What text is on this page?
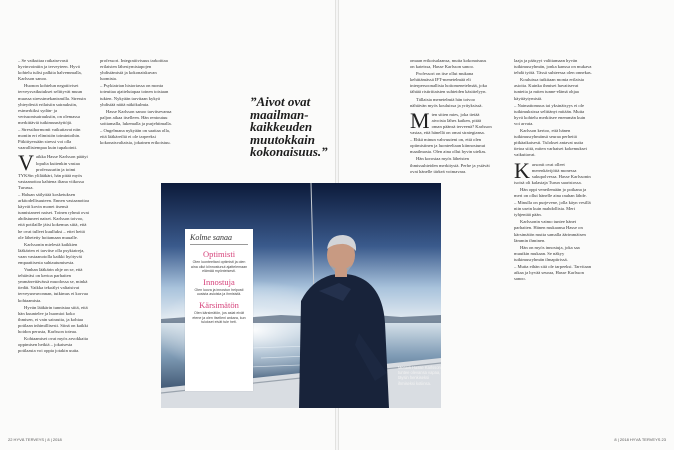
– Se vaikuttaa ratkaisevasti hyvinvointiin ja terveyteen. Hyvä kohtelu tulisi palkita halvemmalla, Karlsson sanoo.

Huonon kohtelun negatiiviset terveysvaikutukset selittyvät muun muassa stressimekanismilla. Stressin yhteydestä erilaisiin sairauksiin, esimerkiksi sydän- ja verisuonisairauksiin, on olemassa merkittäviä tutkimusnäyttöjä.

– Stressihormonit vaikuttavat niin moniin eri elimistön toimintoihin. Pitkittyessään stressi voi olla vaarallistempaa kuin tupakointi.

Vaikka Hasse Karlsson päätyi lopulta kuitenkin vastaa professuuriin ja toimi TYKSin ylilääkäri, hän pitää myös vastaanottoa kahtena iltana viikossa Turussa.

– Haluan säilyttää kosketuksen arkitodellisuuteen. Ennen vastaanottoa käyvät kovin monet itsensä tunnistaneet naiset. Toinen ryhmä ovat ahdistuneet naiset. Karlsson toivoo, että potilaille jäisi kokemus siitä, että he ovat tulleet kuulluksi – ettei heitä ole lähetetty hoitamaan muualle.

Karlssonin mielestä kaikkien lääkärien ei tarvitse olla psykiatreja, vaan vastaanotolla kaikki hyötyvät empaattisesta suhtautumisesta.

Vanhan lääkärin ohje on se, että tehtäväsi on kertoa parhaiten ymmärrettävässä muodossa se, minkä tiedät. Vaikka tekoälyt valtaisivat terveysneuvonnan, tutkimus ei korvaa kohtaamista.

Hyvän lääkärin tunnistaa siitä, että hän kuuntelee ja huomioi koko ihmisen, ei vain sairautta, ja kohtaa potilaan inhimillisesti. Siinä on kaikki hoidon perusta, Karlsson toteaa.

Kohtaamiset ovat myös arvokkaita oppimisen hetkiä – jokaisesta potilaasta voi oppia jotakin uutta.

professori. Integratiivisuus tarkoittaa erilaisten lähestymistapojen yhdistämistä ja kokonaiskuvan luomista.

– Psykiatrian historiassa on monta toteuttaa ajattelutapaa toinen toistaan tukien. Nykyään tarvitaan kykyä yhdistää näitä näkökulmia.

Hasse Karlsson sanoo tarvitsevansa paljon aikaa itselleen. Hän rentoutuu soittamalla, lukemalla ja purjehtimalla.

– Ongelmana nykyään on saattaa olla, että lääkäreiltä ei ole tarpeeksi kokonaisvaltaisia, jokainen erikoistuu.

omaan erikoisalaansa, mutta kokonaisuus on kateissa, Hasse Karlsson sanoo.

Professori on itse ollut mukana kehittämässä IFT-menetelmää eli interpersoonallista hoitomenetelmää, joka tähtää ristiriitaisten suhteiden käsittelyyn.

Tällaisia menetelmiä hän toivoo nähtävän myös kouluissa ja yrityksissä.

Mten sitten mies, joka tietää aivoista lähes kaiken, pitää oman päänsä terveenä? Karlsson vastaa, että hänellä on omat strategiansa.

– Ehkä minun vahvuuteni on, että olen optimistinen ja luonteeltaan kiinnostunut maailmasta. Olen aina ollut hyvin utelias.

Hän korostaa myös läheisten ihmissuhteiden merkitystä. Perhe ja ystävät ovat hänelle tärkeä voimavara.

laaja ja pääsyyt valittamaan hyvän tutkimusryhmän, jonka kanssa on mukava tehdä työtä. Tässä suhteessa olen onnekas.

Kouluissa tutkitaan monia erilaisia asioita. Kuinka ihmiset havaitsevat tunteita ja miten tunne-elämä ohjaa käyttäytymistä.

– Naimattomuus tai yksinäisyys ei ole tutkimuksissa selittänyt mitään. Mutta hyvä kohtelu merkitsee enemmän kuin voi arvata.

Karlsson kertoo, että hänen tutkimusryhmänsä seuraa perheitä pitkäaikaisesti. Tulokset antavat uutta tietoa siitä, miten varhaiset kokemukset vaikuttavat.

Karsonit ovat olleet merenkävijöitä monessa sukupolvessa. Hasse Karlssonin isoisä oli kalastaja Turun saaristossa.

Hän oppi veneilemään jo poikana ja meri on ollut hänelle aina rauhan lähde.

– Minulla on purjevene, jolla käyn vesillä niin usein kuin mahdollista. Meri tyhjentää pään.

Karlssonin vaimo tuntee hänet parhaiten. Hänen mukaansa Hasse on kärsimätön mutta samalla äärimmäisen lämmin ihminen.

Hän on myös innostuja, joka saa muutkin mukaan. Se näkyy tutkimusryhmän ilmapiirissä.

– Mutta eihän sitä ole tarpeeksi. Tarvitaan aikaa ja hyvää seuraa, Hasse Karlsson sanoo.

”Aivot ovat maailmankaikkeuden muutokkain kokonaisuus.”
Meraiili Hasse Karlsson tuntee olevansa vapaa, täysin henkiseksi ihmiseksi kotiinsa.
Kolme sanaa
Optimisti
Olen luonteeltani optimisti ja olen aina ollut kiinnostunut ajattelemaan elämää myönteisesti.
Innostuja
Olen luova ja innostun helposti uusista asioista ja ihmisistä.
Kärsimätön
Olen kärsimätön, jos asiat eivät etene ja olen itselleni ankara, kun tulokset eivät tule heti.
22 HYVÄ TERVEYS | 8 | 2018	8 | 2018 HYVÄ TERVEYS 23
